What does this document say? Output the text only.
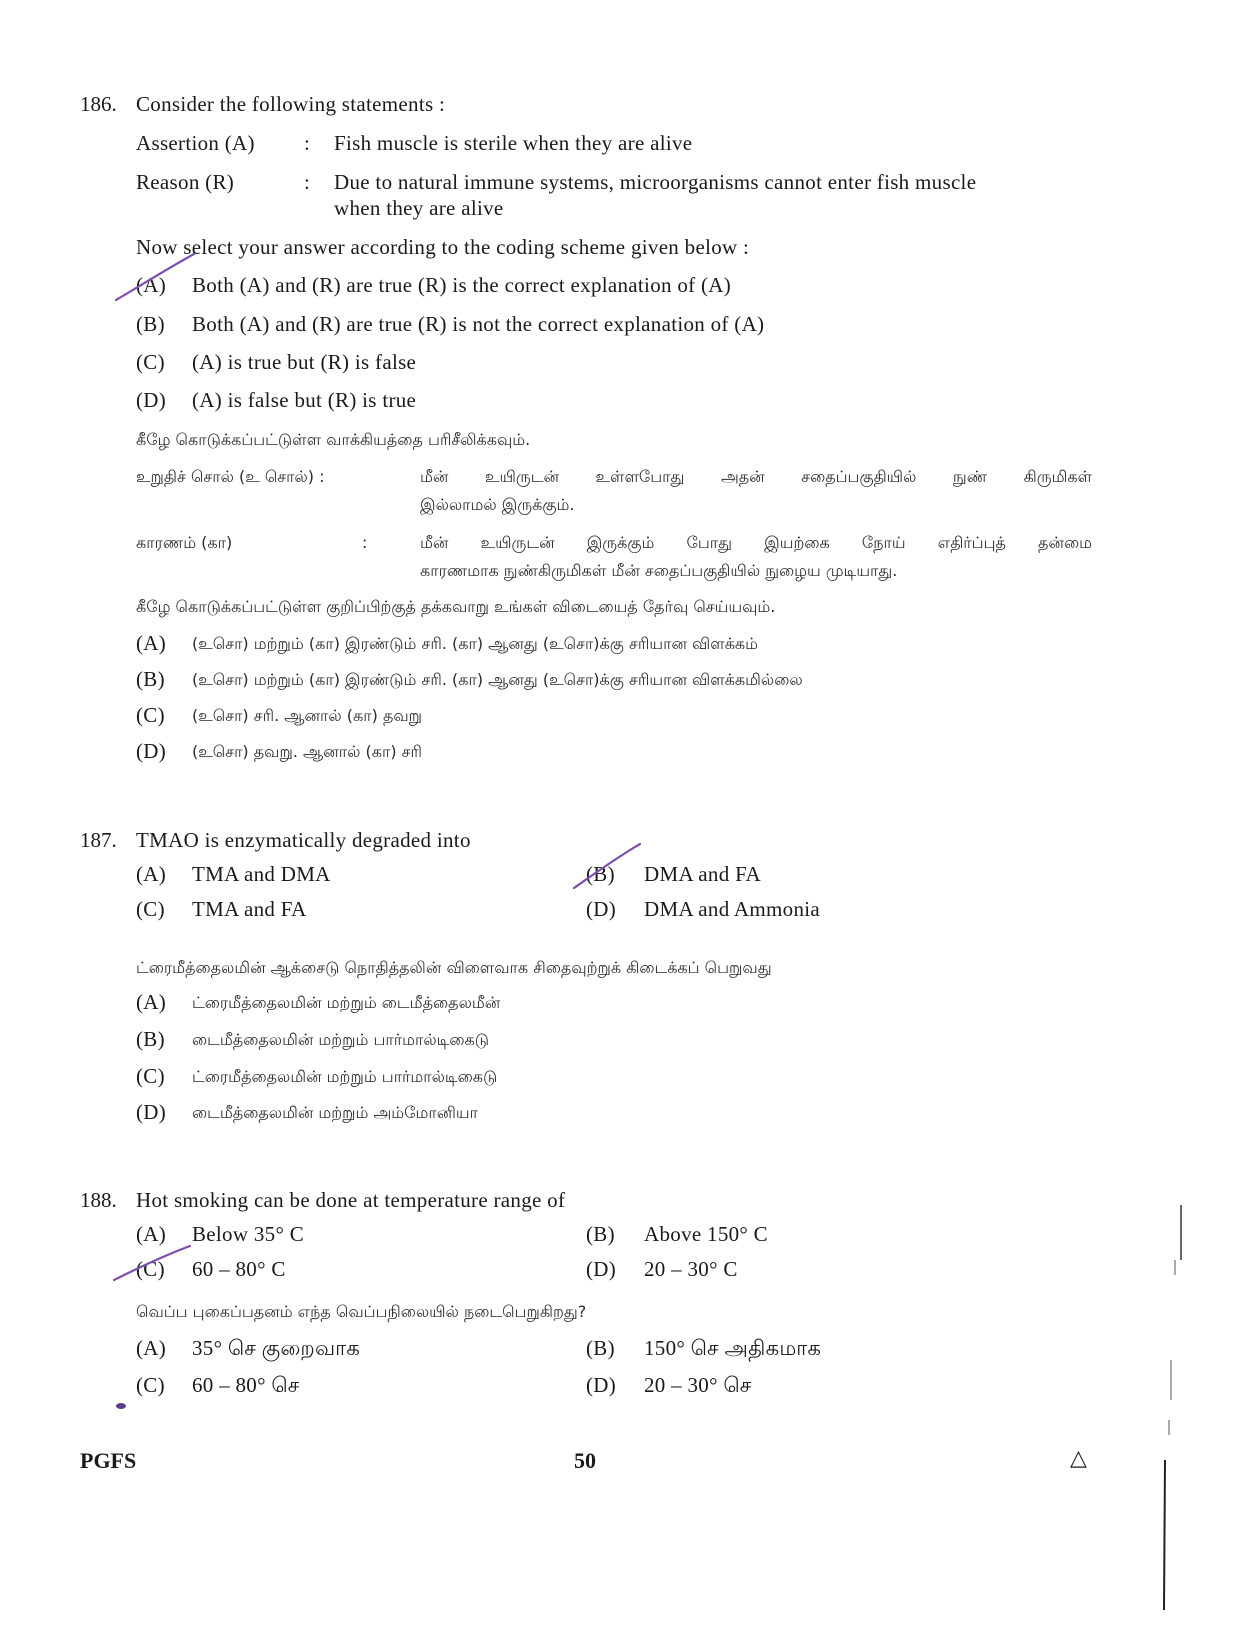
186. Consider the following statements :
Assertion (A) : Fish muscle is sterile when they are alive
Reason (R)	: Due to natural immune systems, microorganisms cannot enter fish muscle
when they are alive
Now select your answer according to the coding scheme given below :
(A) Both (A) and (R) are true (R) is the correct explanation of (A)
(B) Both (A) and (R) are true (R) is not the correct explanation of (A)
(C) (A) is true but (R) is false
(D) (A) is false but (R) is true
கீழே கொடுக்கப்பட்டுள்ள வாக்கியத்தை பரிசீலிக்கவும்.
உறுதிச் சொல் (உ சொல்) :	மீன் உயிருடன் உள்ளபோது அதன் சதைப்பகுதியில் நுண் கிருமிகள்
இல்லாமல் இருக்கும்.
காரணம் (கா)	:	மீன் உயிருடன் இருக்கும் போது இயற்கை நோய் எதிர்ப்புத் தன்மை
காரணமாக நுண்கிருமிகள் மீன் சதைப்பகுதியில் நுழைய முடியாது.
கீழே கொடுக்கப்பட்டுள்ள குறிப்பிற்குத் தக்கவாறு உங்கள் விடையைத் தேர்வு செய்யவும்.
(A) (உசொ) மற்றும் (கா) இரண்டும் சரி. (கா) ஆனது (உசொ)க்கு சரியான விளக்கம்
(B) (உசொ) மற்றும் (கா) இரண்டும் சரி. (கா) ஆனது (உசொ)க்கு சரியான விளக்கமில்லை
(C) (உசொ) சரி. ஆனால் (கா) தவறு
(D) (உசொ) தவறு. ஆனால் (கா) சரி
187. TMAO is enzymatically degraded into
(A) TMA and DMA	(B) DMA and FA
(C) TMA and FA	(D) DMA and Ammonia
ட்ரைமீத்தைலமின் ஆக்சைடு நொதித்தலின் விளைவாக சிதைவுற்றுக் கிடைக்கப் பெறுவது
(A) ட்ரைமீத்தைலமின் மற்றும் டைமீத்தைலமீன்
(B) டைமீத்தைலமின் மற்றும் பார்மால்டிகைடு
(C) ட்ரைமீத்தைலமின் மற்றும் பார்மால்டிகைடு
(D) டைமீத்தைலமின் மற்றும் அம்மோனியா
188. Hot smoking can be done at temperature range of
(A) Below 35° C	(B) Above 150° C
(C) 60 – 80° C	(D) 20 – 30° C
வெப்ப புகைப்பதனம் எந்த வெப்பநிலையில் நடைபெறுகிறது?
(A) 35° செ குறைவாக	(B) 150° செ அதிகமாக
(C) 60 – 80° செ	(D) 20 – 30° செ
PGFS	50	△
